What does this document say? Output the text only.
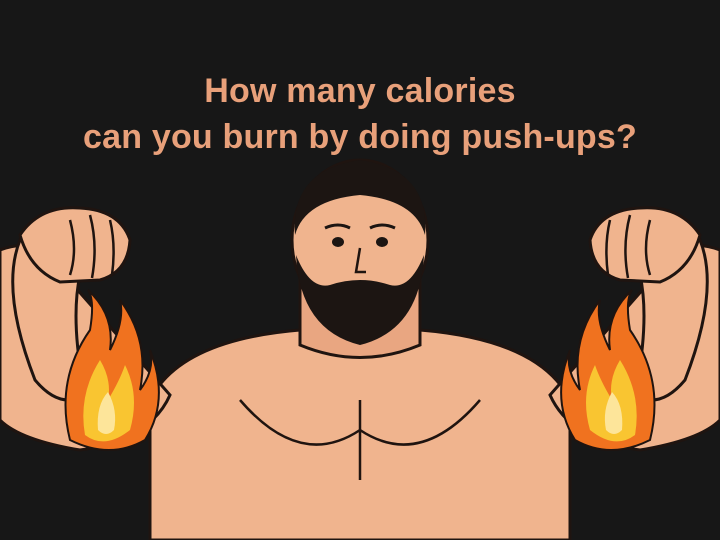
How many calories
can you burn by doing push-ups?
